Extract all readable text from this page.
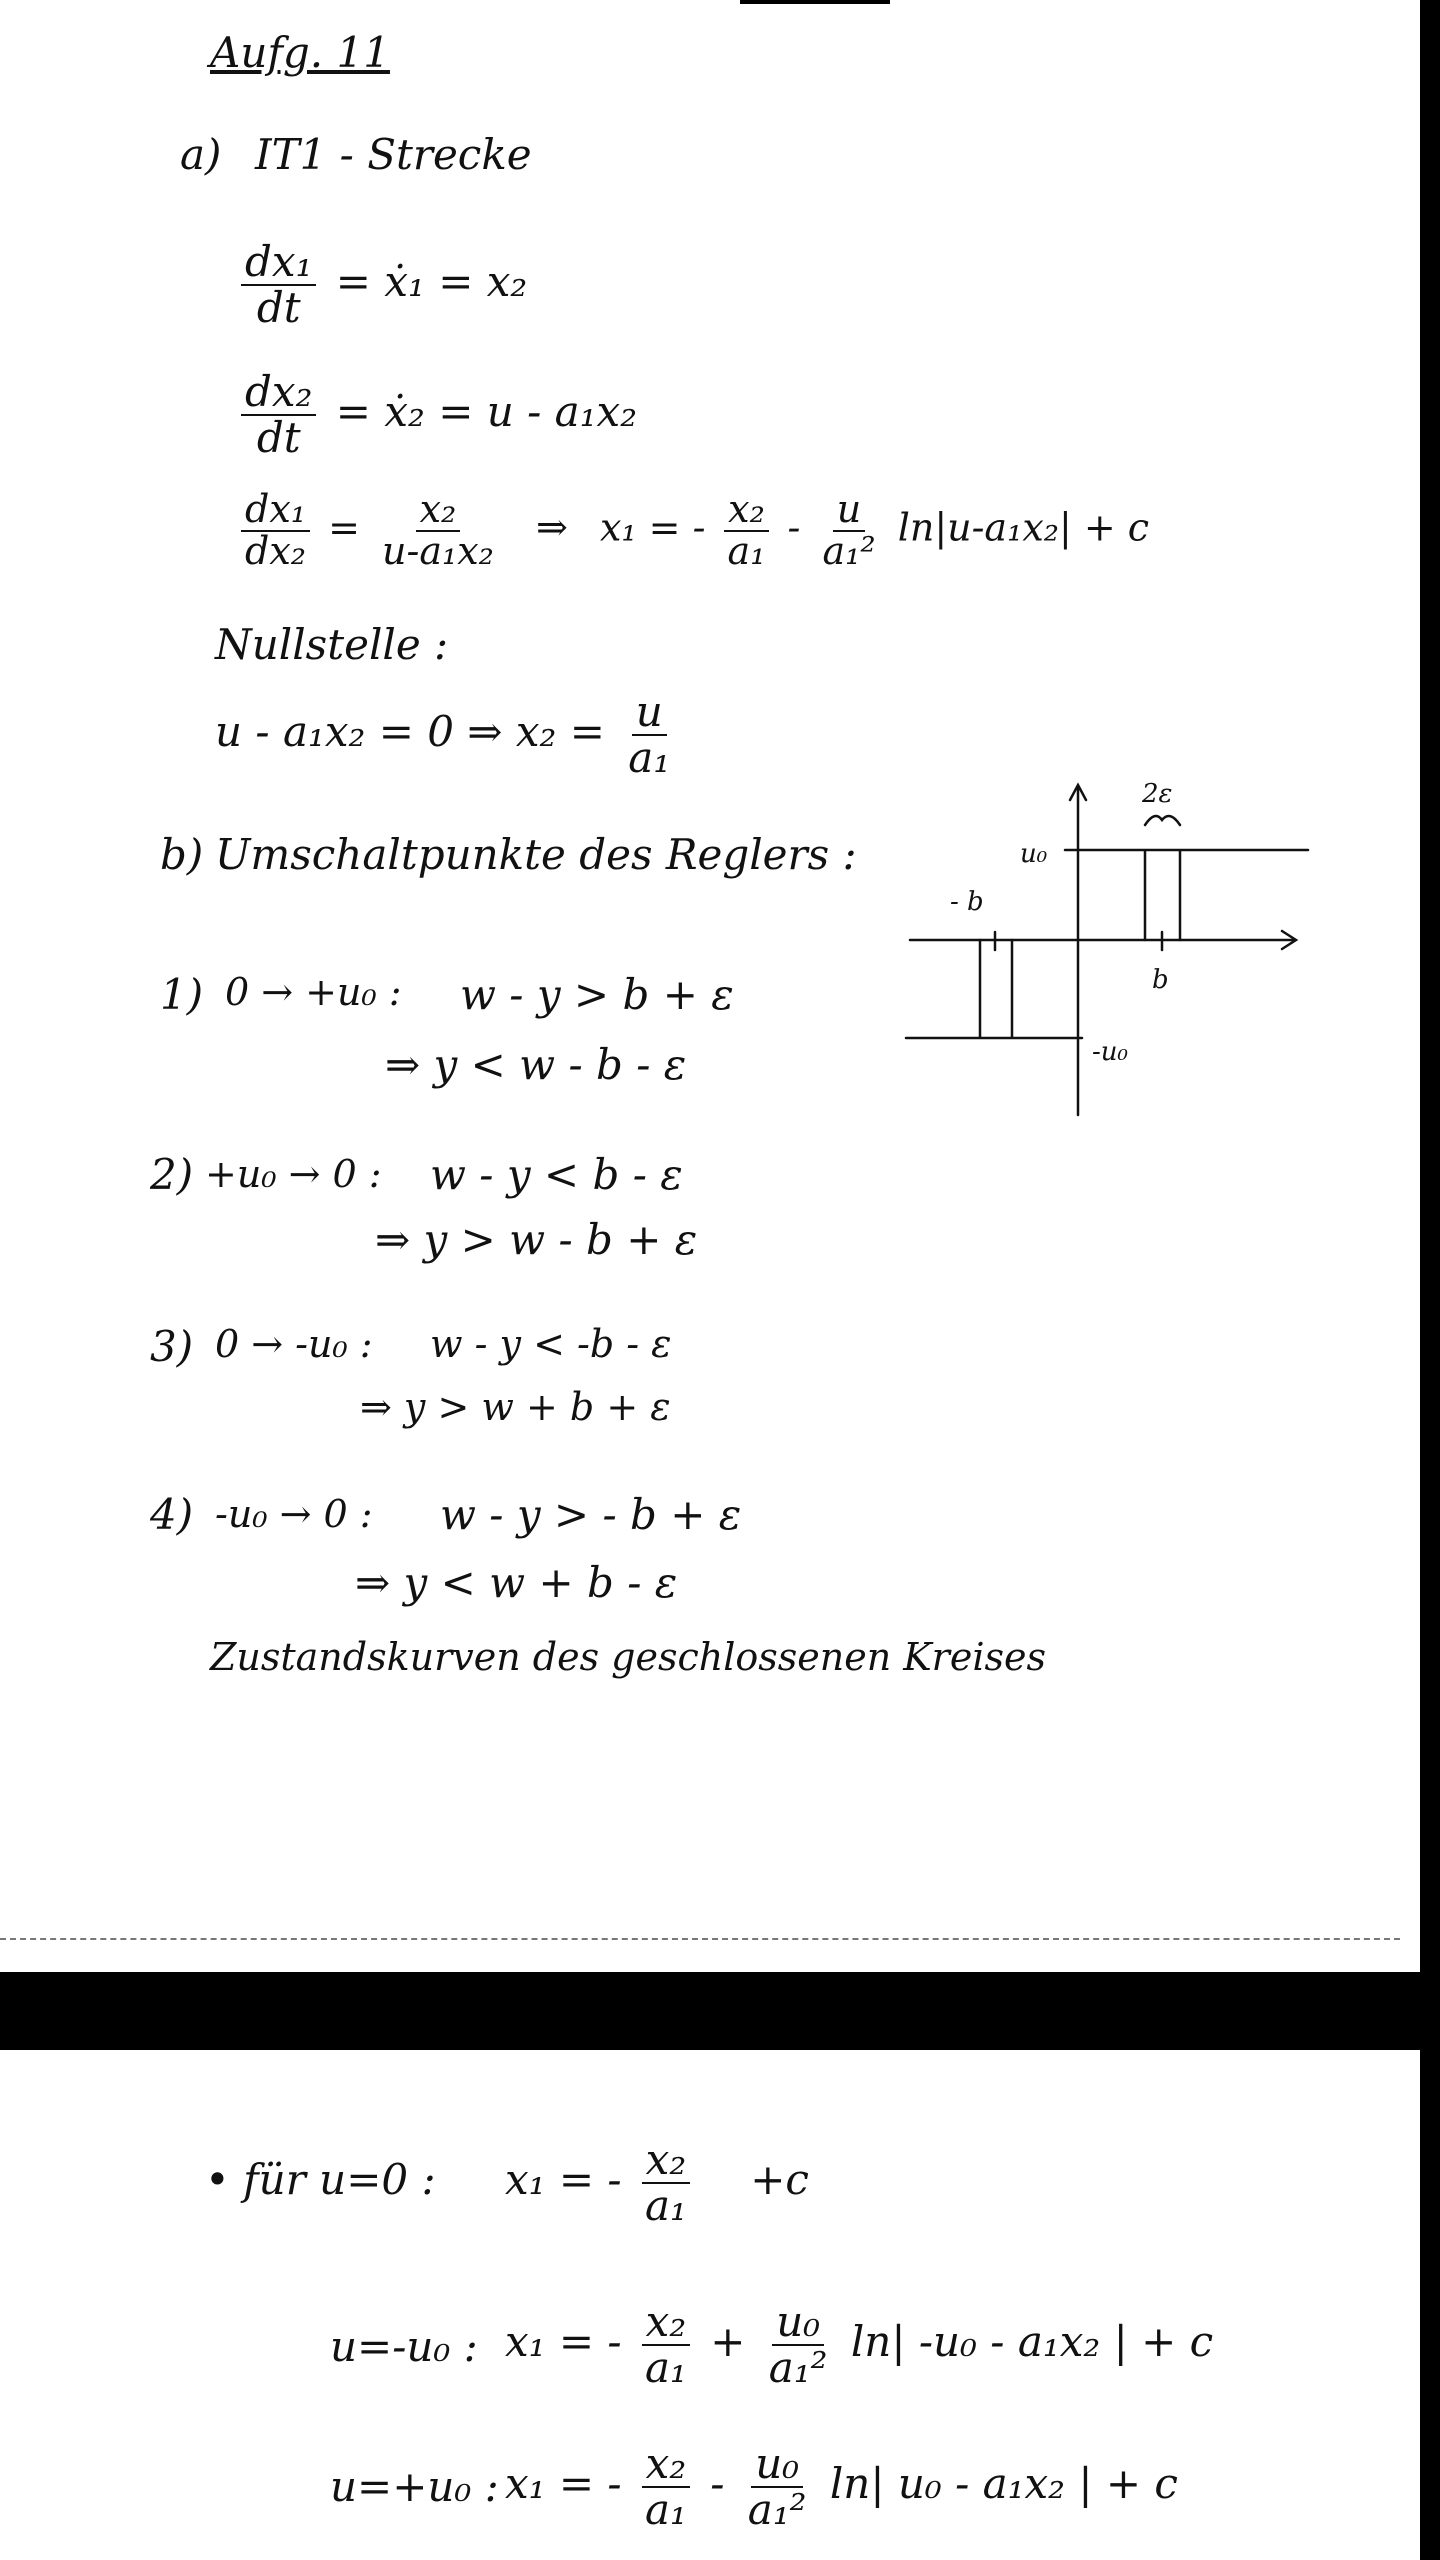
Aufg. 11
a) IT1 - Strecke
$\frac{\text{dx₁}}{dt}$ = ẋ₁ = x₂
$\frac{\text{dx₂}}{dt}$ = ẋ₂ = u - a₁x₂
$\frac{\text{dx₁}}{\text{dx₂}} = \frac{\text{x₂}}{\text{u-a₁x₂}}$ ⇒ x₁ = - $\frac{\text{x₂}}{\text{a₁}} - \frac{u}{\text{a₁²}} \ln|u-a_1x_2| + c$
Nullstelle :
u - a₁x₂ = 0 ⇒ $x_2 = \frac{u}{\text{a₁}}$
b) Umschaltpunkte des Reglers :
1) 0 → +u₀ : w - y > b + ε
⇒ y < w - b - ε
2) +u₀ → 0 : w - y < b - ε
⇒ y > w - b + ε
3) 0 → -u₀ : w - y < -b - ε
⇒ y > w + b + ε
4) -u₀ → 0 : w - y > - b + ε
⇒ y < w + b - ε
Zustandskurven des geschlossenen Kreises
2ε
u₀
- b
b
-u₀
• für u=0 : x₁ = - $\frac{\text{x₂}}{\text{a₁}} +c$
u=-u₀ : x₁ = - $\frac{\text{x₂}}{\text{a₁}} + \frac{\text{u₀}}{\text{a₁²}} \ln|$ -u₀ - a₁x₂ | + c
u=+u₀ : x₁ = - $\frac{\text{x₂}}{\text{a₁}} - \frac{\text{u₀}}{\text{a₁²}} \ln|$ u₀ - a₁x₂ | + c
